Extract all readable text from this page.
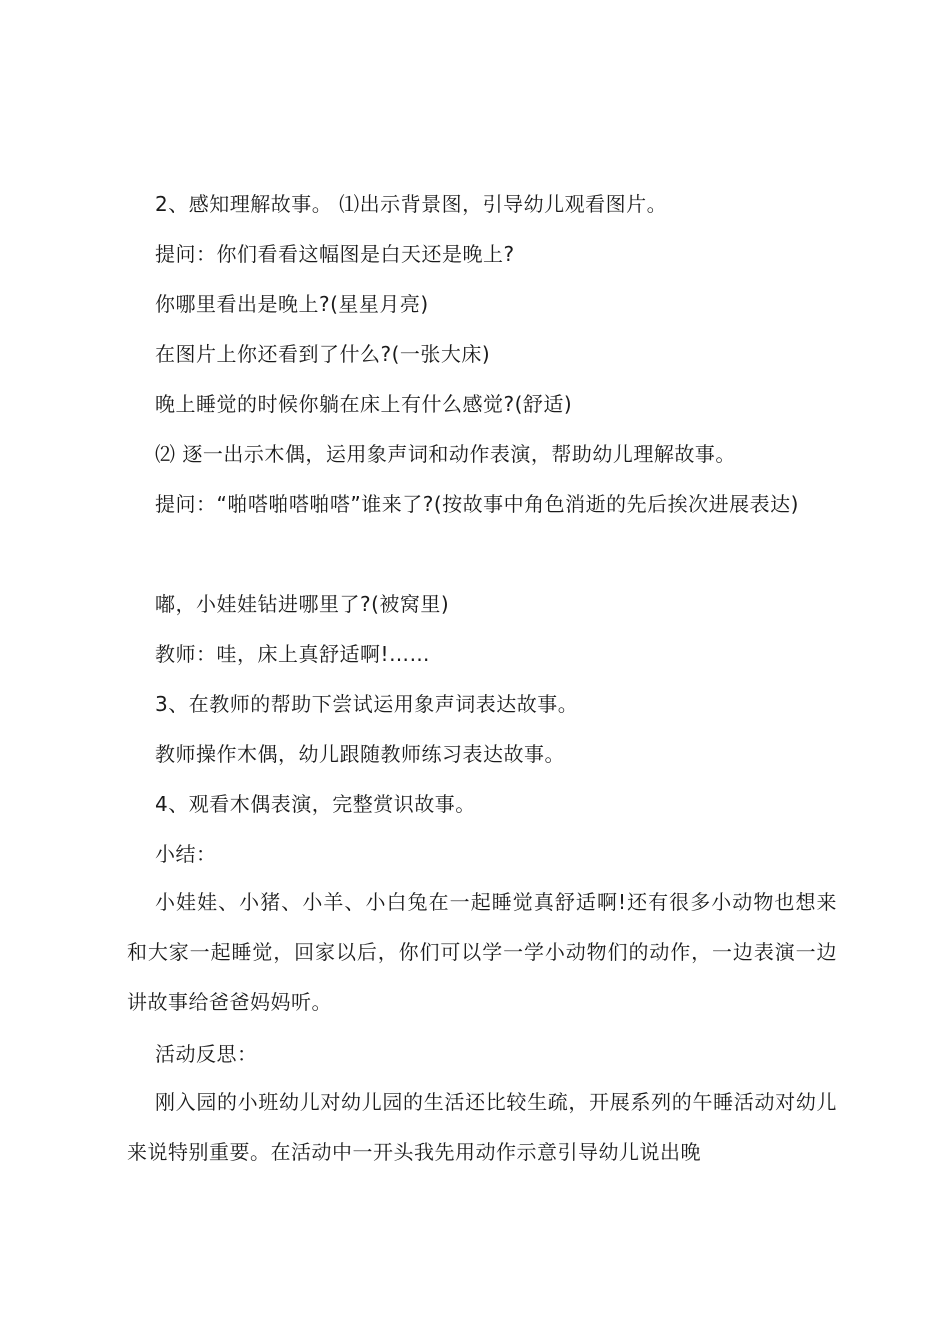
2、感知理解故事。 ⑴出示背景图，引导幼儿观看图片。
提问：你们看看这幅图是白天还是晚上?
你哪里看出是晚上?(星星月亮)
在图片上你还看到了什么?(一张大床)
晚上睡觉的时候你躺在床上有什么感觉?(舒适)
⑵ 逐一出示木偶，运用象声词和动作表演，帮助幼儿理解故事。
提问：“啪嗒啪嗒啪嗒”谁来了?(按故事中角色消逝的先后挨次进展表达)
嘟，小娃娃钻进哪里了?(被窝里)
教师：哇，床上真舒适啊!……
3、在教师的帮助下尝试运用象声词表达故事。
教师操作木偶，幼儿跟随教师练习表达故事。
4、观看木偶表演，完整赏识故事。
小结：
小娃娃、小猪、小羊、小白兔在一起睡觉真舒适啊!还有很多小动物也想来和大家一起睡觉，回家以后，你们可以学一学小动物们的动作，一边表演一边讲故事给爸爸妈妈听。
活动反思：
刚入园的小班幼儿对幼儿园的生活还比较生疏，开展系列的午睡活动对幼儿来说特别重要。在活动中一开头我先用动作示意引导幼儿说出晚
